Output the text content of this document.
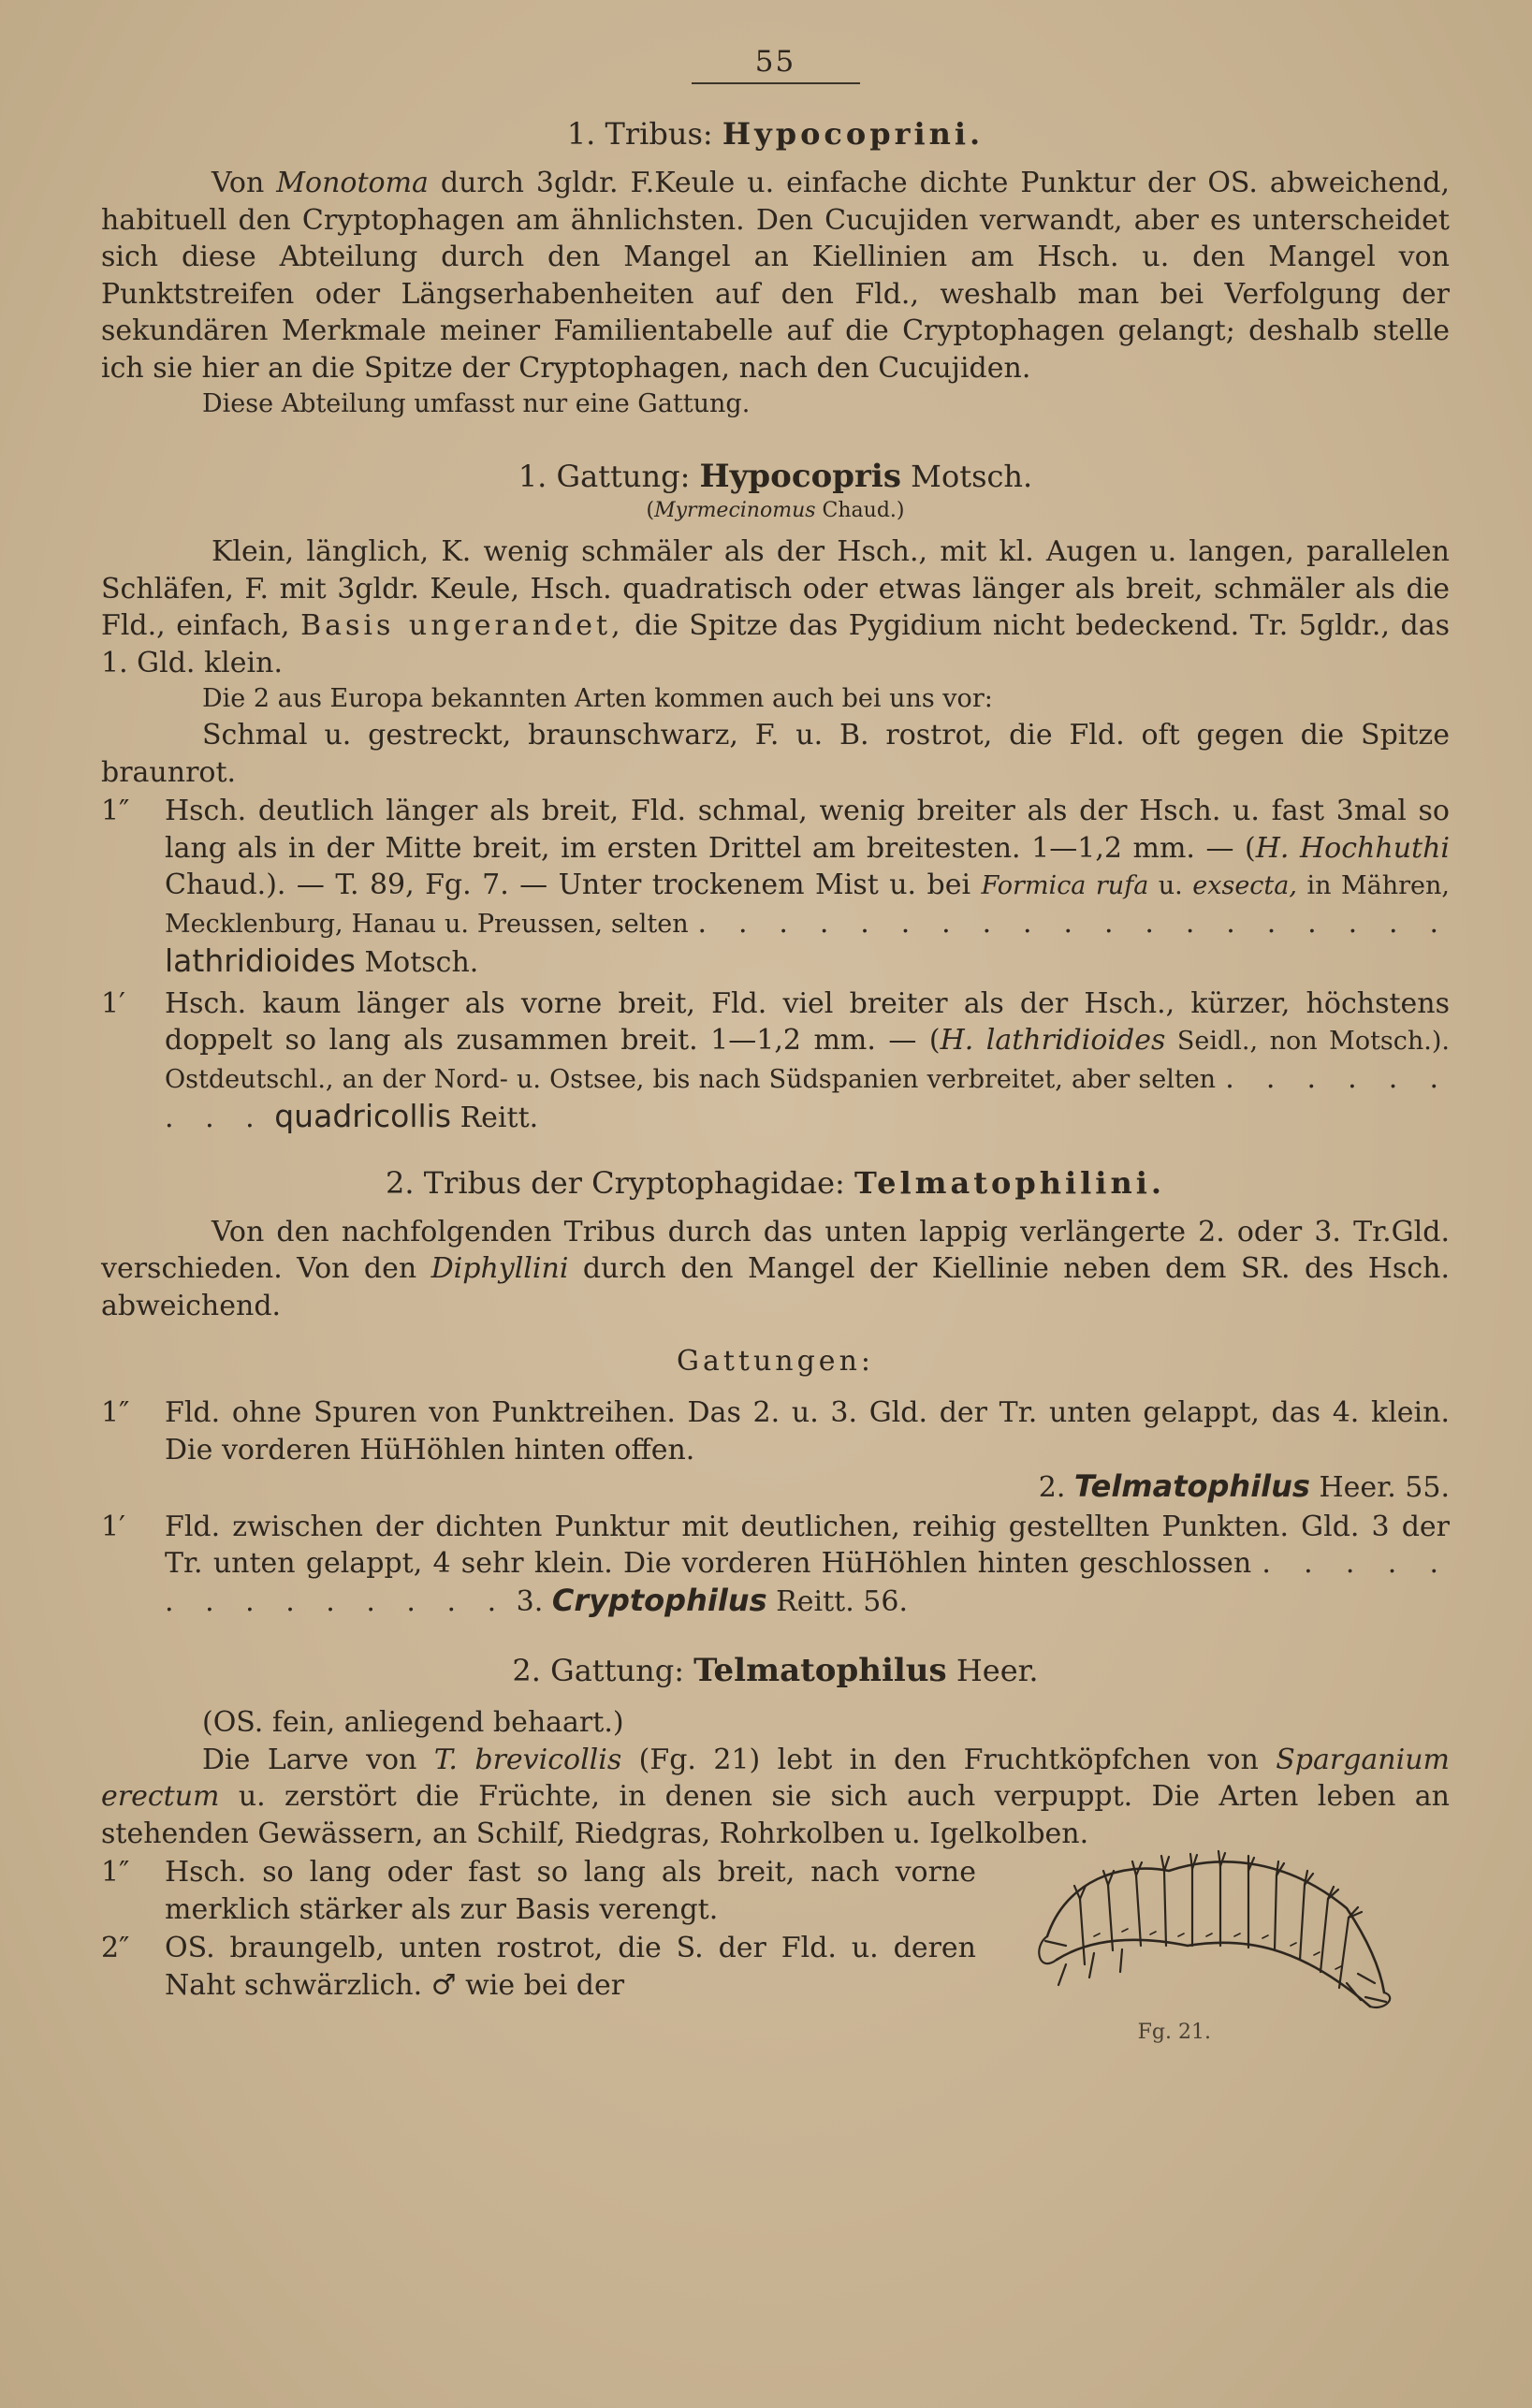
55
1. Tribus: Hypocoprini.

Von Monotoma durch 3gldr. F.Keule u. einfache dichte Punktur der OS. abweichend, habituell den Cryptophagen am ähnlichsten. Den Cucujiden verwandt, aber es unterscheidet sich diese Abteilung durch den Mangel an Kiellinien am Hsch. u. den Mangel von Punktstreifen oder Längserhabenheiten auf den Fld., weshalb man bei Verfolgung der sekundären Merkmale meiner Familientabelle auf die Cryptophagen gelangt; deshalb stelle ich sie hier an die Spitze der Cryptophagen, nach den Cucujiden.

Diese Abteilung umfasst nur eine Gattung.

1. Gattung: Hypocopris Motsch.
(Myrmecinomus Chaud.)

Klein, länglich, K. wenig schmäler als der Hsch., mit kl. Augen u. langen, parallelen Schläfen, F. mit 3gldr. Keule, Hsch. quadratisch oder etwas länger als breit, schmäler als die Fld., einfach, Basis ungerandet, die Spitze das Pygidium nicht bedeckend. Tr. 5gldr., das 1. Gld. klein.

Die 2 aus Europa bekannten Arten kommen auch bei uns vor:

Schmal u. gestreckt, braunschwarz, F. u. B. rostrot, die Fld. oft gegen die Spitze braunrot.

1″ Hsch. deutlich länger als breit, Fld. schmal, wenig breiter als der Hsch. u. fast 3mal so lang als in der Mitte breit, im ersten Drittel am breitesten. 1—1,2 mm. — (H. Hochhuthi Chaud.). — T. 89, Fg. 7. — Unter trockenem Mist u. bei Formica rufa u. exsecta, in Mähren, Mecklenburg, Hanau u. Preussen, selten . . . . . . . . . . . . . . . . . . . lathridioides Motsch.
1′ Hsch. kaum länger als vorne breit, Fld. viel breiter als der Hsch., kürzer, höchstens doppelt so lang als zusammen breit. 1—1,2 mm. — (H. lathridioides Seidl., non Motsch.). Ostdeutschl., an der Nord- u. Ostsee, bis nach Südspanien verbreitet, aber selten . . . . . . . . . quadricollis Reitt.
2. Tribus der Cryptophagidae: Telmatophilini.

Von den nachfolgenden Tribus durch das unten lappig verlängerte 2. oder 3. Tr.Gld. verschieden. Von den Diphyllini durch den Mangel der Kiellinie neben dem SR. des Hsch. abweichend.

Gattungen:
1″ Fld. ohne Spuren von Punktreihen. Das 2. u. 3. Gld. der Tr. unten gelappt, das 4. klein. Die vorderen HüHöhlen hinten offen.
2. Telmatophilus Heer. 55.
1′ Fld. zwischen der dichten Punktur mit deutlichen, reihig gestellten Punkten. Gld. 3 der Tr. unten gelappt, 4 sehr klein. Die vorderen HüHöhlen hinten geschlossen . . . . . . . . . . . . . . 3. Cryptophilus Reitt. 56.
2. Gattung: Telmatophilus Heer.

(OS. fein, anliegend behaart.)

Die Larve von T. brevicollis (Fg. 21) lebt in den Fruchtköpfchen von Sparganium erectum u. zerstört die Früchte, in denen sie sich auch verpuppt. Die Arten leben an stehenden Gewässern, an Schilf, Riedgras, Rohrkolben u. Igelkolben.

Fg. 21.
1″ Hsch. so lang oder fast so lang als breit, nach vorne merklich stärker als zur Basis verengt.
2″ OS. braungelb, unten rostrot, die S. der Fld. u. deren Naht schwärzlich. ♂ wie bei der
